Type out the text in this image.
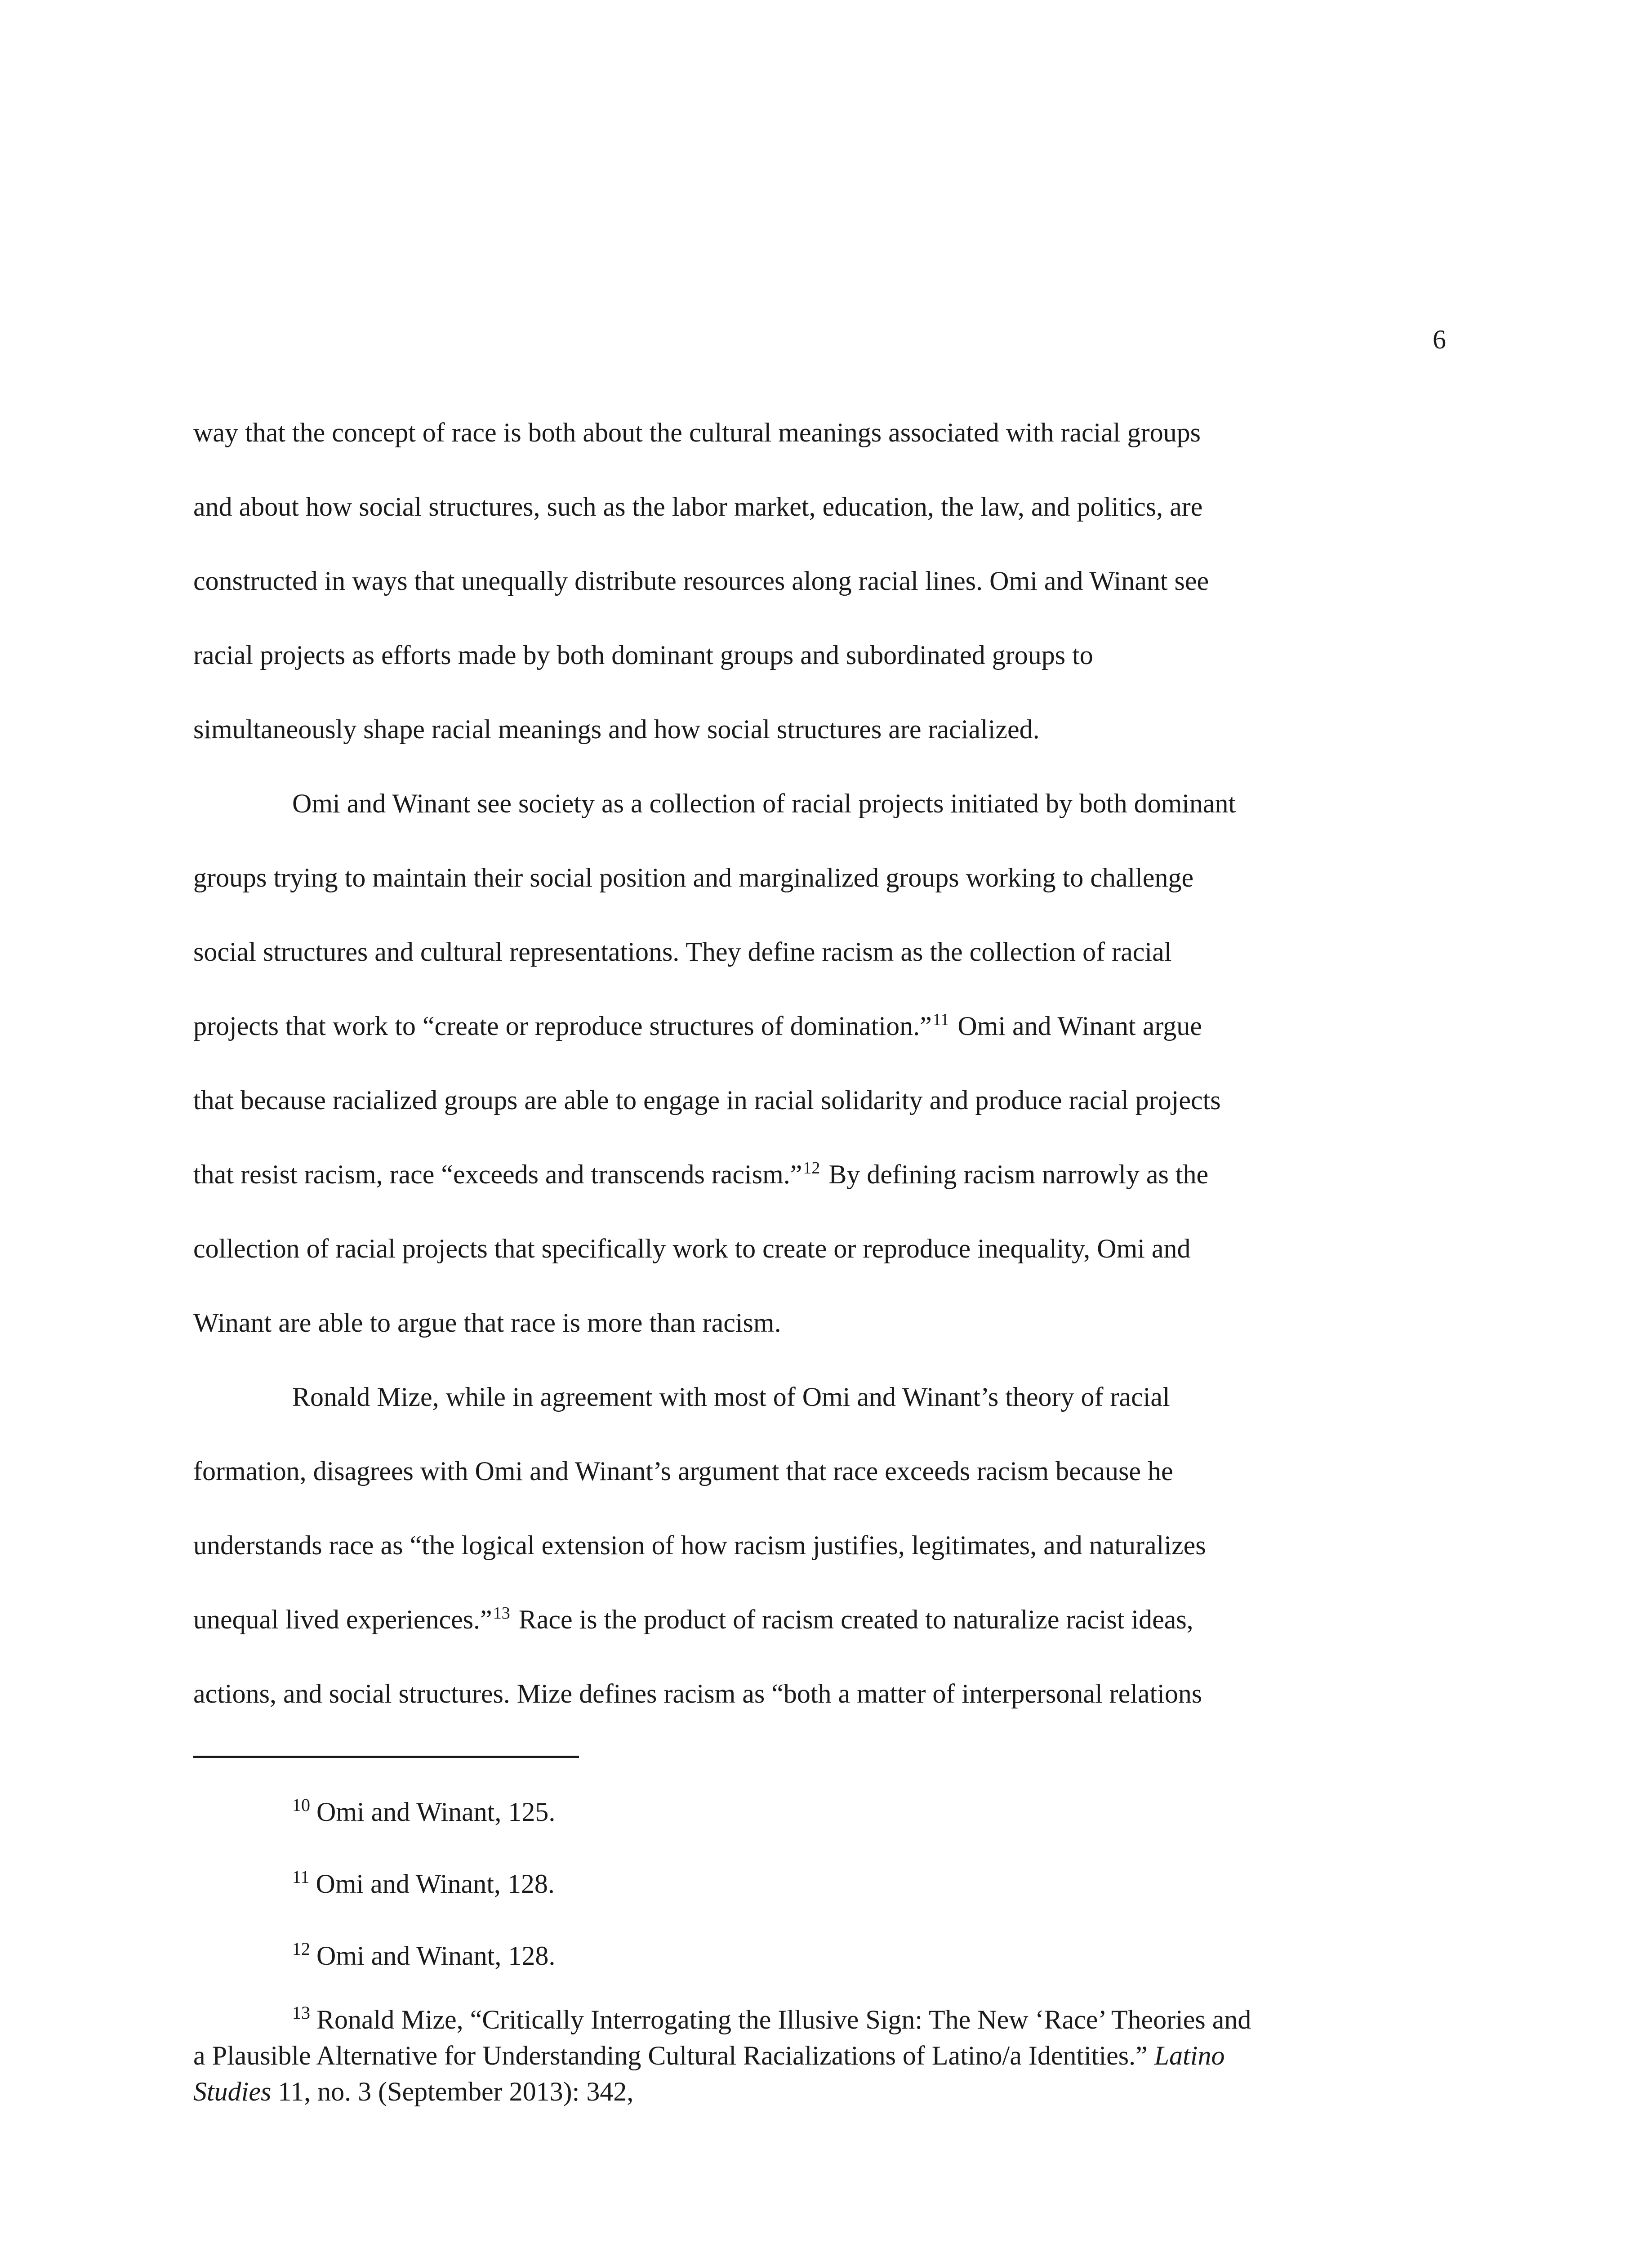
6
way that the concept of race is both about the cultural meanings associated with racial groups
and about how social structures, such as the labor market, education, the law, and politics, are
constructed in ways that unequally distribute resources along racial lines. Omi and Winant see
racial projects as efforts made by both dominant groups and subordinated groups to
simultaneously shape racial meanings and how social structures are racialized.
Omi and Winant see society as a collection of racial projects initiated by both dominant
groups trying to maintain their social position and marginalized groups working to challenge
social structures and cultural representations. They define racism as the collection of racial
projects that work to “create or reproduce structures of domination.”$^{11}$ Omi and Winant argue
that because racialized groups are able to engage in racial solidarity and produce racial projects
that resist racism, race “exceeds and transcends racism.”$^{12}$ By defining racism narrowly as the
collection of racial projects that specifically work to create or reproduce inequality, Omi and
Winant are able to argue that race is more than racism.
Ronald Mize, while in agreement with most of Omi and Winant’s theory of racial
formation, disagrees with Omi and Winant’s argument that race exceeds racism because he
understands race as “the logical extension of how racism justifies, legitimates, and naturalizes
unequal lived experiences.”$^{13}$ Race is the product of racism created to naturalize racist ideas,
actions, and social structures. Mize defines racism as “both a matter of interpersonal relations
$^{10}$ Omi and Winant, 125.
$^{11}$ Omi and Winant, 128.
$^{12}$ Omi and Winant, 128.
$^{13}$ Ronald Mize, “Critically Interrogating the Illusive Sign: The New ‘Race’ Theories and
a Plausible Alternative for Understanding Cultural Racializations of Latino/a Identities.” Latino
Studies 11, no. 3 (September 2013): 342,
